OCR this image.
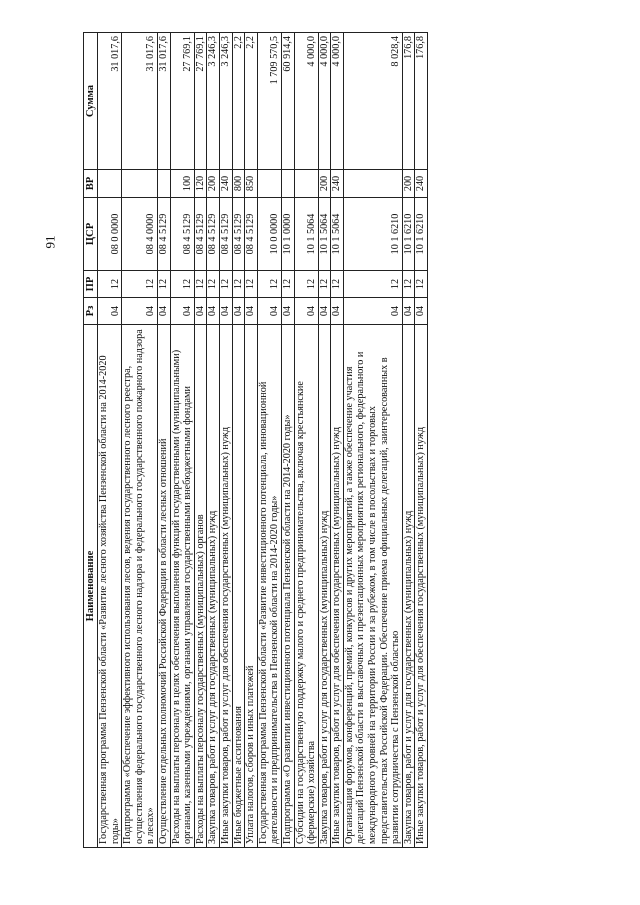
91
Наименование	Рз	ПР	ЦСР	ВР	Сумма
Государственная программа Пензенской области «Развитие лесного хозяйства Пензенской области на 2014-2020 годы»	04	12	08 0 0000		31 017,6
Подпрограмма «Обеспечение эффективного использования лесов, ведения государственного лесного реестра, осуществления федерального государственного лесного надзора и федерального государственного пожарного надзора в лесах»	04	12	08 4 0000		31 017,6
Осуществление отдельных полномочий Российской Федерации в области лесных отношений	04	12	08 4 5129		31 017,6
Расходы на выплаты персоналу в целях обеспечения выполнения функций государственными (муниципальными) органами, казенными учреждениями, органами управления государственными внебюджетными фондами	04	12	08 4 5129	100	27 769,1
Расходы на выплаты персоналу государственных (муниципальных) органов	04	12	08 4 5129	120	27 769,1
Закупка товаров, работ и услуг для государственных (муниципальных) нужд	04	12	08 4 5129	200	3 246,3
Иные закупки товаров, работ и услуг для обеспечения государственных (муниципальных) нужд	04	12	08 4 5129	240	3 246,3
Иные бюджетные ассигнования	04	12	08 4 5129	800	2,2
Уплата налогов, сборов и иных платежей	04	12	08 4 5129	850	2,2
Государственная программа Пензенской области «Развитие инвестиционного потенциала, инновационной деятельности и предпринимательства в Пензенской области на 2014-2020 годы»	04	12	10 0 0000		1 709 570,5
Подпрограмма «О развитии инвестиционного потенциала Пензенской области на 2014-2020 годы»	04	12	10 1 0000		60 914,4
Субсидии на государственную поддержку малого и среднего предпринимательства, включая крестьянские (фермерские) хозяйства	04	12	10 1 5064		4 000,0
Закупка товаров, работ и услуг для государственных (муниципальных) нужд	04	12	10 1 5064	200	4 000,0
Иные закупки товаров, работ и услуг для обеспечения государственных (муниципальных) нужд	04	12	10 1 5064	240	4 000,0
Организация форумов, конференций, премий, конкурсов и других мероприятий, а также обеспечение участия делегаций Пензенской области в выставочных и презентационных мероприятиях регионального, федерального и международного уровней на территории России и за рубежом, в том числе в посольствах и торговых представительствах Российской Федерации. Обеспечение приема официальных делегаций, заинтересованных в развитии сотрудничества с Пензенской областью	04	12	10 1 6210		8 028,4
Закупка товаров, работ и услуг для государственных (муниципальных) нужд	04	12	10 1 6210	200	176,8
Иные закупки товаров, работ и услуг для обеспечения государственных (муниципальных) нужд	04	12	10 1 6210	240	176,8
